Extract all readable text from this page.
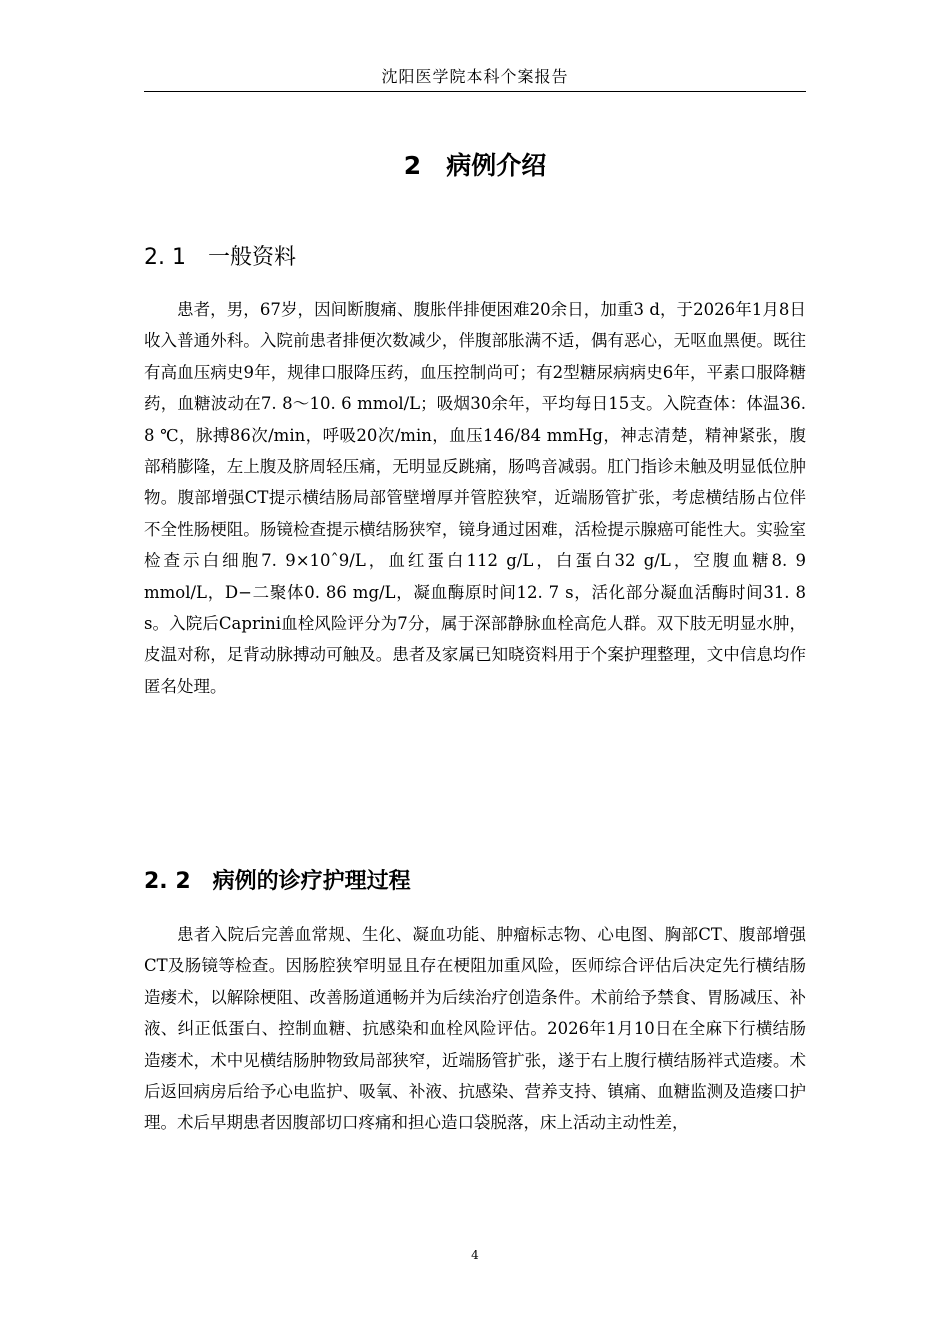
沈阳医学院本科个案报告
2　病例介绍
2. 1　一般资料

患者，男，67岁，因间断腹痛、腹胀伴排便困难20余日，加重3 d，于2026年1月8日收入普通外科。入院前患者排便次数减少，伴腹部胀满不适，偶有恶心，无呕血黑便。既往有高血压病史9年，规律口服降压药，血压控制尚可；有2型糖尿病病史6年，平素口服降糖药，血糖波动在7. 8～10. 6 mmol/L；吸烟30余年，平均每日15支。入院查体：体温36. 8 ℃，脉搏86次/min，呼吸20次/min，血压146/84 mmHg，神志清楚，精神紧张，腹部稍膨隆，左上腹及脐周轻压痛，无明显反跳痛，肠鸣音减弱。肛门指诊未触及明显低位肿物。腹部增强CT提示横结肠局部管壁增厚并管腔狭窄，近端肠管扩张，考虑横结肠占位伴不全性肠梗阻。肠镜检查提示横结肠狭窄，镜身通过困难，活检提示腺癌可能性大。实验室检查示白细胞7. 9×10ˆ9/L，血红蛋白112 g/L，白蛋白32 g/L，空腹血糖8. 9 mmol/L，D−二聚体0. 86 mg/L，凝血酶原时间12. 7 s，活化部分凝血活酶时间31. 8 s。入院后Caprini血栓风险评分为7分，属于深部静脉血栓高危人群。双下肢无明显水肿，皮温对称，足背动脉搏动可触及。患者及家属已知晓资料用于个案护理整理，文中信息均作匿名处理。

2. 2　病例的诊疗护理过程

患者入院后完善血常规、生化、凝血功能、肿瘤标志物、心电图、胸部CT、腹部增强CT及肠镜等检查。因肠腔狭窄明显且存在梗阻加重风险，医师综合评估后决定先行横结肠造瘘术，以解除梗阻、改善肠道通畅并为后续治疗创造条件。术前给予禁食、胃肠减压、补液、纠正低蛋白、控制血糖、抗感染和血栓风险评估。2026年1月10日在全麻下行横结肠造瘘术，术中见横结肠肿物致局部狭窄，近端肠管扩张，遂于右上腹行横结肠袢式造瘘。术后返回病房后给予心电监护、吸氧、补液、抗感染、营养支持、镇痛、血糖监测及造瘘口护理。术后早期患者因腹部切口疼痛和担心造口袋脱落，床上活动主动性差，

4
